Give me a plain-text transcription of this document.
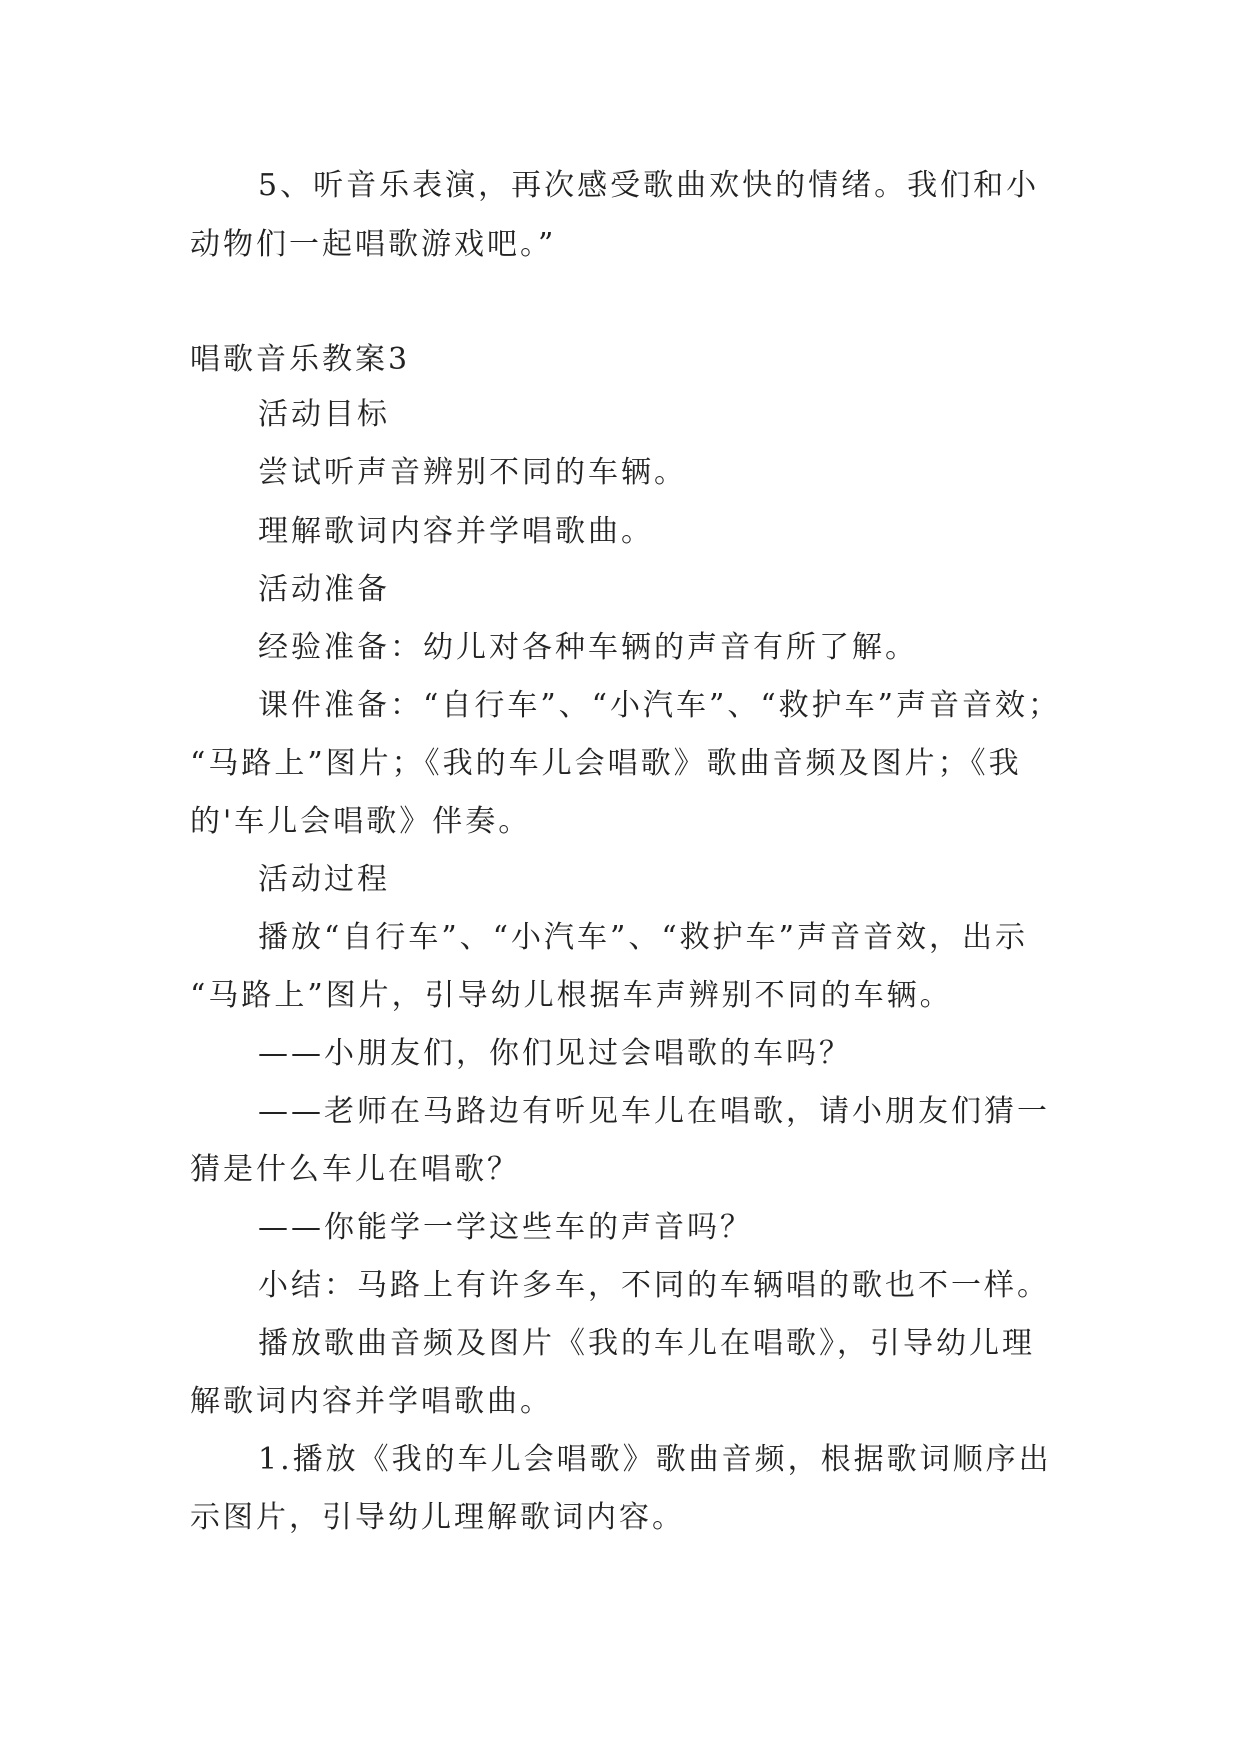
5、听音乐表演，再次感受歌曲欢快的情绪。我们和小
动物们一起唱歌游戏吧。”
唱歌音乐教案3
活动目标
尝试听声音辨别不同的车辆。
理解歌词内容并学唱歌曲。
活动准备
经验准备：幼儿对各种车辆的声音有所了解。
课件准备：“自行车”、“小汽车”、“救护车”声音音效；
“马路上”图片；《我的车儿会唱歌》歌曲音频及图片；《我
的'车儿会唱歌》伴奏。
活动过程
播放“自行车”、“小汽车”、“救护车”声音音效，出示
“马路上”图片，引导幼儿根据车声辨别不同的车辆。
——小朋友们，你们见过会唱歌的车吗？
——老师在马路边有听见车儿在唱歌，请小朋友们猜一
猜是什么车儿在唱歌？
——你能学一学这些车的声音吗？
小结：马路上有许多车，不同的车辆唱的歌也不一样。
播放歌曲音频及图片《我的车儿在唱歌》，引导幼儿理
解歌词内容并学唱歌曲。
1.播放《我的车儿会唱歌》歌曲音频，根据歌词顺序出
示图片，引导幼儿理解歌词内容。
